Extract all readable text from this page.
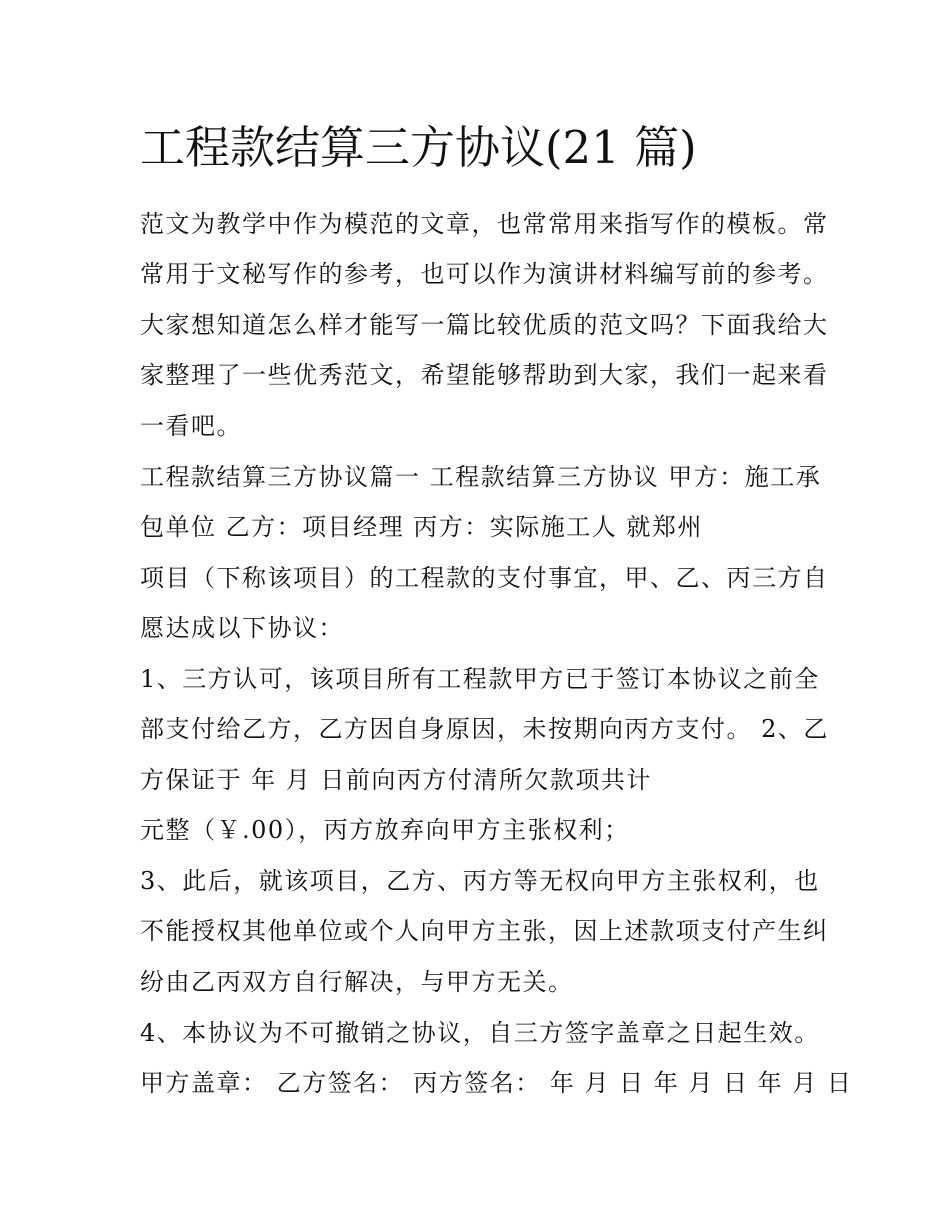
工程款结算三方协议(21 篇)
范文为教学中作为模范的文章，也常常用来指写作的模板。常
常用于文秘写作的参考，也可以作为演讲材料编写前的参考。
大家想知道怎么样才能写一篇比较优质的范文吗？下面我给大
家整理了一些优秀范文，希望能够帮助到大家，我们一起来看
一看吧。
工程款结算三方协议篇一 工程款结算三方协议 甲方：施工承
包单位 乙方：项目经理 丙方：实际施工人 就郑州
项目（下称该项目）的工程款的支付事宜，甲、乙、丙三方自
愿达成以下协议：
1、三方认可，该项目所有工程款甲方已于签订本协议之前全
部支付给乙方，乙方因自身原因，未按期向丙方支付。 2、乙
方保证于 年 月 日前向丙方付清所欠款项共计
元整（￥.00），丙方放弃向甲方主张权利；
3、此后，就该项目，乙方、丙方等无权向甲方主张权利，也
不能授权其他单位或个人向甲方主张，因上述款项支付产生纠
纷由乙丙双方自行解决，与甲方无关。
4、本协议为不可撤销之协议，自三方签字盖章之日起生效。
甲方盖章： 乙方签名： 丙方签名： 年 月 日 年 月 日 年 月 日
